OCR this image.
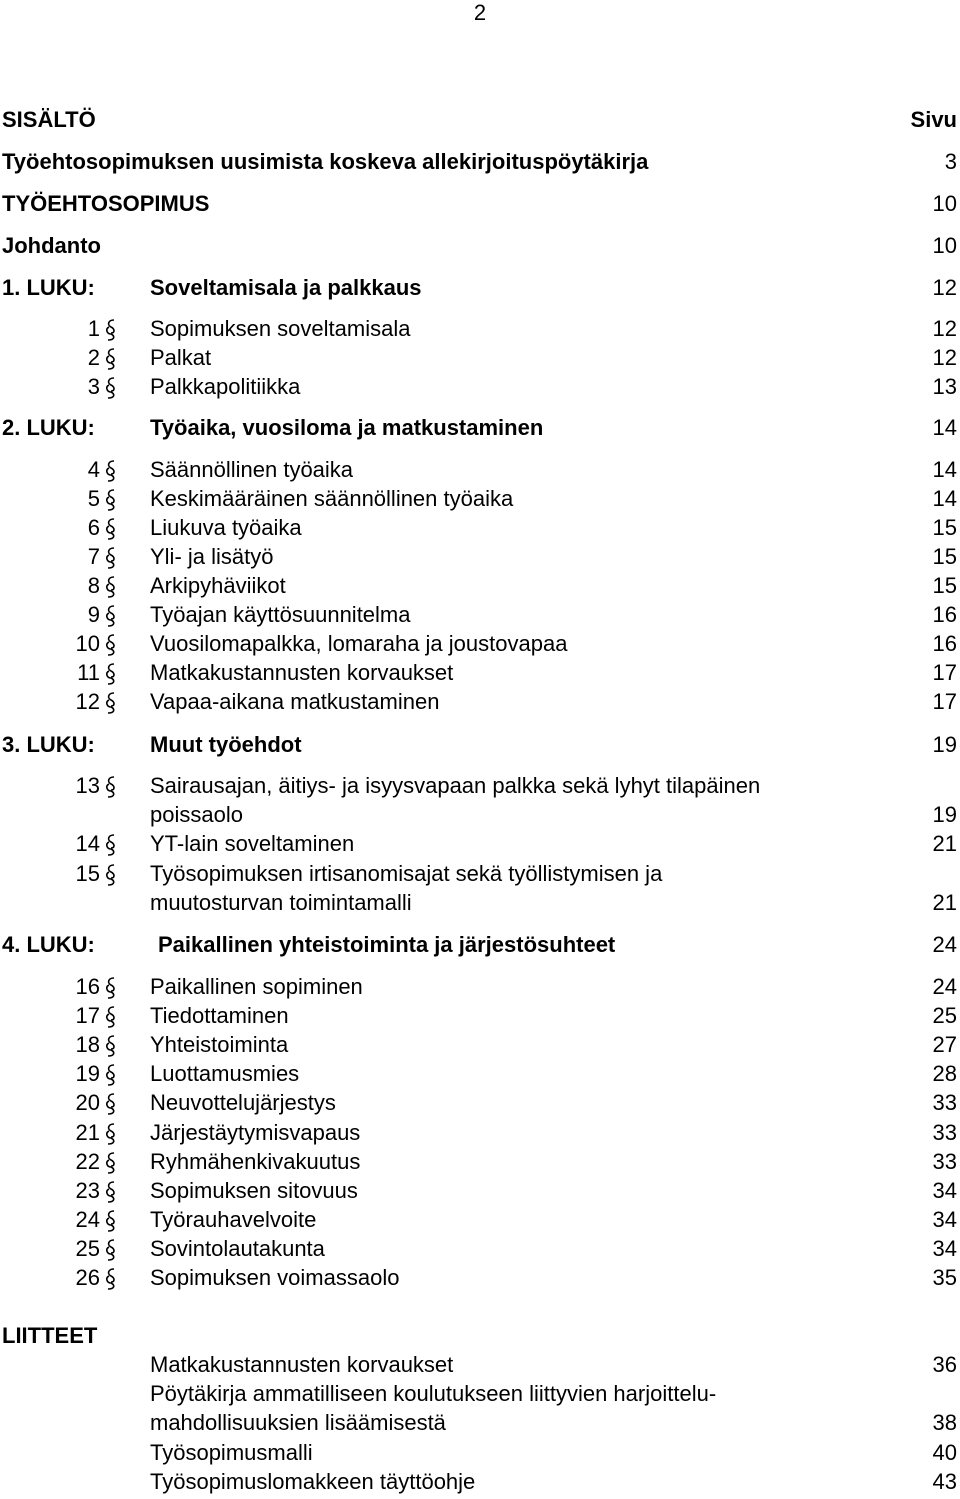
2
SISÄLTÖ	Sivu
Työehtosopimuksen uusimista koskeva allekirjoituspöytäkirja	3
TYÖEHTOSOPIMUS	10
Johdanto	10
1. LUKU:	Soveltamisala ja palkkaus	12
1 Sopimuksen soveltamisala	12
2 Palkat	12
3 Palkkapolitiikka	13
2. LUKU:	Työaika, vuosiloma ja matkustaminen	14
4 Säännöllinen työaika	14
5 Keskimääräinen säännöllinen työaika	14
6 Liukuva työaika	15
7 Yli- ja lisätyö	15
8 Arkipyhäviikot	15
9 Työajan käyttösuunnitelma	16
10 Vuosilomapalkka, lomaraha ja joustovapaa	16
11 Matkakustannusten korvaukset	17
12 Vapaa-aikana matkustaminen	17
3. LUKU:	Muut työehdot	19
13 Sairausajan, äitiys- ja isyysvapaan palkka sekä lyhyt tilapäinen
poissaolo	19
14 YT-lain soveltaminen	21
15 Työsopimuksen irtisanomisajat sekä työllistymisen ja
muutosturvan toimintamalli	21
4. LUKU:	Paikallinen yhteistoiminta ja järjestösuhteet	24
16 Paikallinen sopiminen	24
17 Tiedottaminen	25
18 Yhteistoiminta	27
19 Luottamusmies	28
20 Neuvottelujärjestys	33
21 Järjestäytymisvapaus	33
22 Ryhmähenkivakuutus	33
23 Sopimuksen sitovuus	34
24 Työrauhavelvoite	34
25 Sovintolautakunta	34
26 Sopimuksen voimassaolo	35
LIITTEET
Matkakustannusten korvaukset	36
Pöytäkirja ammatilliseen koulutukseen liittyvien harjoittelu-
mahdollisuuksien lisäämisestä	38
Työsopimusmalli	40
Työsopimuslomakkeen täyttöohje	43
